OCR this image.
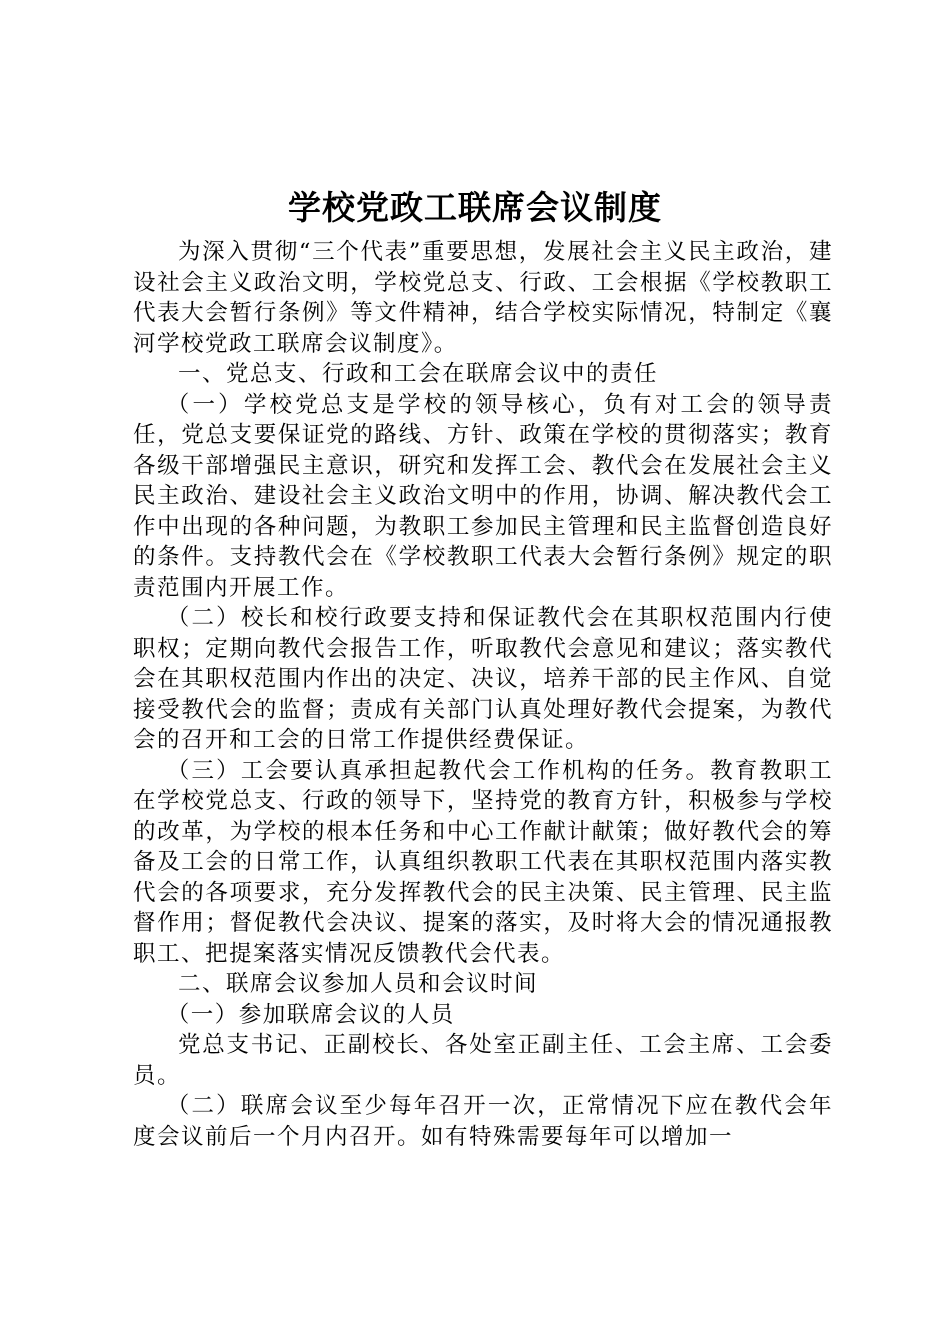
学校党政工联席会议制度

为深入贯彻“三个代表”重要思想，发展社会主义民主政治，建设社会主义政治文明，学校党总支、行政、工会根据《学校教职工代表大会暂行条例》等文件精神，结合学校实际情况，特制定《襄河学校党政工联席会议制度》。

一、党总支、行政和工会在联席会议中的责任

（一）学校党总支是学校的领导核心，负有对工会的领导责任，党总支要保证党的路线、方针、政策在学校的贯彻落实；教育各级干部增强民主意识，研究和发挥工会、教代会在发展社会主义民主政治、建设社会主义政治文明中的作用，协调、解决教代会工作中出现的各种问题，为教职工参加民主管理和民主监督创造良好的条件。支持教代会在《学校教职工代表大会暂行条例》规定的职责范围内开展工作。

（二）校长和校行政要支持和保证教代会在其职权范围内行使职权；定期向教代会报告工作，听取教代会意见和建议；落实教代会在其职权范围内作出的决定、决议，培养干部的民主作风、自觉接受教代会的监督；责成有关部门认真处理好教代会提案，为教代会的召开和工会的日常工作提供经费保证。

（三）工会要认真承担起教代会工作机构的任务。教育教职工在学校党总支、行政的领导下，坚持党的教育方针，积极参与学校的改革，为学校的根本任务和中心工作献计献策；做好教代会的筹备及工会的日常工作，认真组织教职工代表在其职权范围内落实教代会的各项要求，充分发挥教代会的民主决策、民主管理、民主监督作用；督促教代会决议、提案的落实，及时将大会的情况通报教职工、把提案落实情况反馈教代会代表。

二、联席会议参加人员和会议时间

（一）参加联席会议的人员

党总支书记、正副校长、各处室正副主任、工会主席、工会委员。

（二）联席会议至少每年召开一次，正常情况下应在教代会年度会议前后一个月内召开。如有特殊需要每年可以增加一
